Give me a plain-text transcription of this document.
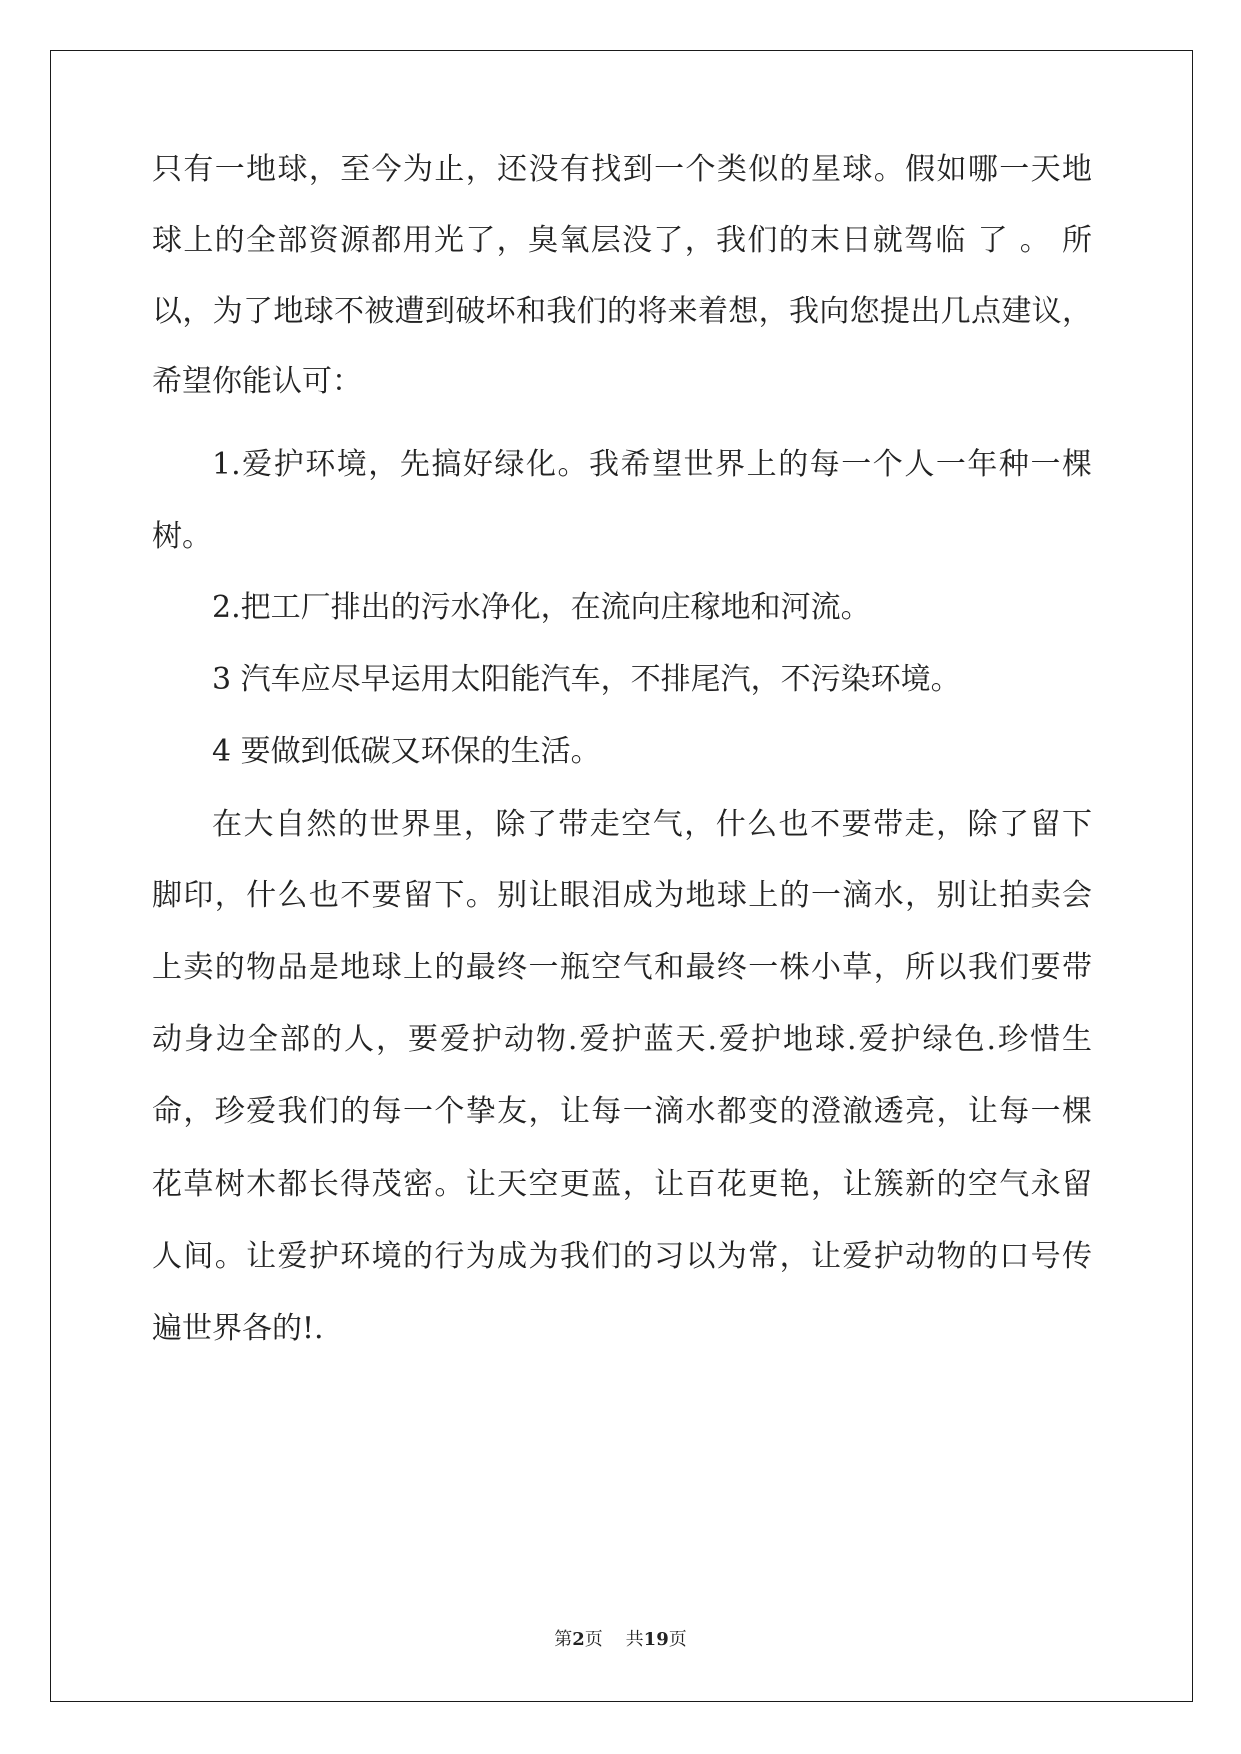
只有一地球，至今为止，还没有找到一个类似的星球。假如哪一天地
球上的全部资源都用光了，臭氧层没了，我们的末日就驾临 了 。 所
以，为了地球不被遭到破坏和我们的将来着想，我向您提出几点建议，
希望你能认可：
1.爱护环境，先搞好绿化。我希望世界上的每一个人一年种一棵
树。
2.把工厂排出的污水净化，在流向庄稼地和河流。
3 汽车应尽早运用太阳能汽车，不排尾汽，不污染环境。
4 要做到低碳又环保的生活。
在大自然的世界里，除了带走空气，什么也不要带走，除了留下
脚印，什么也不要留下。别让眼泪成为地球上的一滴水，别让拍卖会
上卖的物品是地球上的最终一瓶空气和最终一株小草，所以我们要带
动身边全部的人，要爱护动物.爱护蓝天.爱护地球.爱护绿色.珍惜生
命，珍爱我们的每一个挚友，让每一滴水都变的澄澈透亮，让每一棵
花草树木都长得茂密。让天空更蓝，让百花更艳，让簇新的空气永留
人间。让爱护环境的行为成为我们的习以为常，让爱护动物的口号传
遍世界各的!.
第2页 共19页
